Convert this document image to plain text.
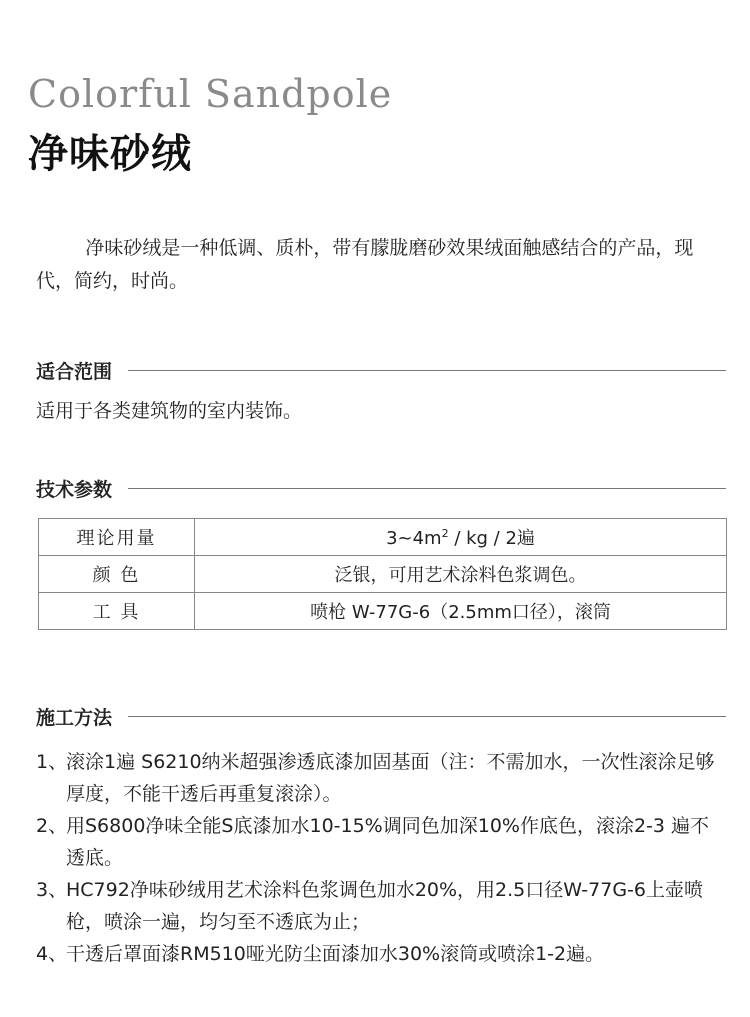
Colorful Sandpole
净味砂绒

净味砂绒是一种低调、质朴，带有朦胧磨砂效果绒面触感结合的产品，现代，简约，时尚。

适合范围
适用于各类建筑物的室内装饰。
技术参数
理论用量	$3\sim 4m^2$ / kg / 2遍
颜 色	泛银，可用艺术涂料色浆调色。
工 具	喷枪 W-77G-6（2.5mm口径），滚筒
施工方法
1、
滚涂1遍 S6210纳米超强渗透底漆加固基面（注：不需加水，一次性滚涂足够厚度，不能干透后再重复滚涂）。
2、
用S6800净味全能S底漆加水10-15%调同色加深10%作底色，滚涂2-3 遍不透底。
3、
HC792净味砂绒用艺术涂料色浆调色加水20%，用2.5口径W-77G-6上壶喷枪，喷涂一遍，均匀至不透底为止；
4、
干透后罩面漆RM510哑光防尘面漆加水30%滚筒或喷涂1-2遍。
